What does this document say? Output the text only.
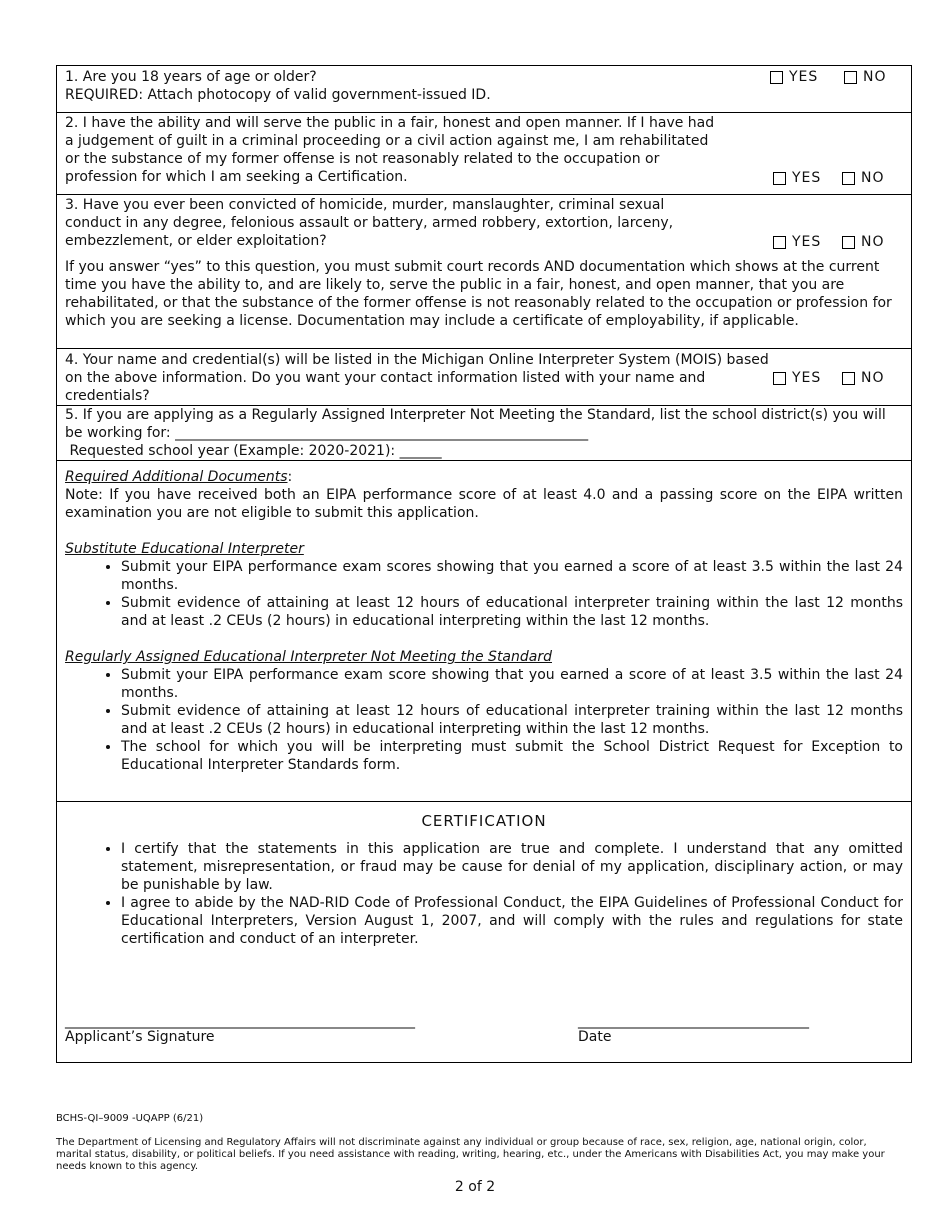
1. Are you 18 years of age or older?
REQUIRED: Attach photocopy of valid government-issued ID.
YES	NO

2. I have the ability and will serve the public in a fair, honest and open manner. If I have had a judgement of guilt in a criminal proceeding or a civil action against me, I am rehabilitated or the substance of my former offense is not reasonably related to the occupation or profession for which I am seeking a Certification.	YES	NO

3. Have you ever been convicted of homicide, murder, manslaughter, criminal sexual conduct in any degree, felonious assault or battery, armed robbery, extortion, larceny, embezzlement, or elder exploitation?	YES	NO
If you answer “yes” to this question, you must submit court records AND documentation which shows at the current time you have the ability to, and are likely to, serve the public in a fair, honest, and open manner, that you are rehabilitated, or that the substance of the former offense is not reasonably related to the occupation or profession for which you are seeking a license. Documentation may include a certificate of employability, if applicable.

4. Your name and credential(s) will be listed in the Michigan Online Interpreter System (MOIS) based on the above information. Do you want your contact information listed with your name and credentials?
YES	NO

5. If you are applying as a Regularly Assigned Interpreter Not Meeting the Standard, list the school district(s) you will be working for: ___________________________________________________________
Requested school year (Example: 2020-2021): ______

Required Additional Documents:
Note: If you have received both an EIPA performance score of at least 4.0 and a passing score on the EIPA written examination you are not eligible to submit this application.
Substitute Educational Interpreter
• Submit your EIPA performance exam scores showing that you earned a score of at least 3.5 within the last 24 months.
• Submit evidence of attaining at least 12 hours of educational interpreter training within the last 12 months and at least .2 CEUs (2 hours) in educational interpreting within the last 12 months.
Regularly Assigned Educational Interpreter Not Meeting the Standard
• Submit your EIPA performance exam score showing that you earned a score of at least 3.5 within the last 24 months.
• Submit evidence of attaining at least 12 hours of educational interpreter training within the last 12 months and at least .2 CEUs (2 hours) in educational interpreting within the last 12 months.
• The school for which you will be interpreting must submit the School District Request for Exception to Educational Interpreter Standards form.

CERTIFICATION
• I certify that the statements in this application are true and complete. I understand that any omitted statement, misrepresentation, or fraud may be cause for denial of my application, disciplinary action, or may be punishable by law.
• I agree to abide by the NAD-RID Code of Professional Conduct, the EIPA Guidelines of Professional Conduct for Educational Interpreters, Version August 1, 2007, and will comply with the rules and regulations for state certification and conduct of an interpreter.
__________________________________________________
Applicant’s Signature
_________________________________
Date
BCHS-QI–9009 -UQAPP (6/21)
The Department of Licensing and Regulatory Affairs will not discriminate against any individual or group because of race, sex, religion, age, national origin, color, marital status, disability, or political beliefs. If you need assistance with reading, writing, hearing, etc., under the Americans with Disabilities Act, you may make your needs known to this agency.
2 of 2
